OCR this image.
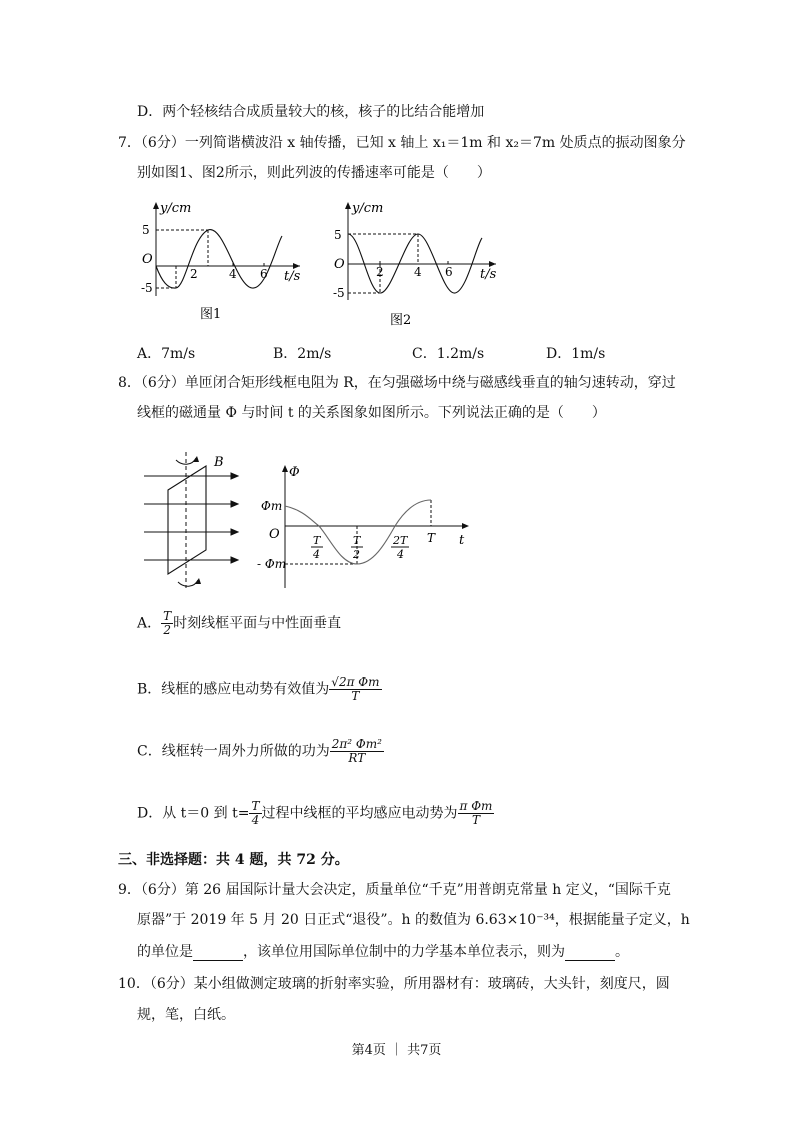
D．两个轻核结合成质量较大的核，核子的比结合能增加
7．（6分）一列简谐横波沿 x 轴传播，已知 x 轴上 x₁＝1m 和 x₂＝7m 处质点的振动图象分
别如图1、图2所示，则此列波的传播速率可能是（　　）
y/cm
5
O
-5
2	4 6 t/s
图1
y/cm
5
O
-5
2	4 6 t/s
图2
A．7m/s	B．2m/s	C．1.2m/s	D．1m/s
8．（6分）单匝闭合矩形线框电阻为 R，在匀强磁场中绕与磁感线垂直的轴匀速转动，穿过
线框的磁通量 Φ 与时间 t 的关系图象如图所示。下列说法正确的是（　　）
B
Φ
Φm
O
- Φm
T
4
T
2
2T
4
T t
A． $\frac{T}{2}$ 时刻线框平面与中性面垂直
B．线框的感应电动势有效值为 $\frac{\text{√2π Φm}}{T}$
C．线框转一周外力所做的功为 $\frac{\text{2π² Φm²}}{RT}$
D．从 t＝0 到 $t= \frac{T}{4}$ 过程中线框的平均感应电动势为 $\frac{\text{π Φm}}{T}$
三、非选择题：共 4 题，共 72 分。
9．（6分）第 26 届国际计量大会决定，质量单位“千克”用普朗克常量 h 定义，“国际千克
原器”于 2019 年 5 月 20 日正式“退役”。h 的数值为 6.63×10⁻³⁴，根据能量子定义，h
的单位是	，该单位用国际单位制中的力学基本单位表示，则为	。
10．（6分）某小组做测定玻璃的折射率实验，所用器材有：玻璃砖，大头针，刻度尺，圆
规，笔，白纸。
第4页 ｜ 共7页
